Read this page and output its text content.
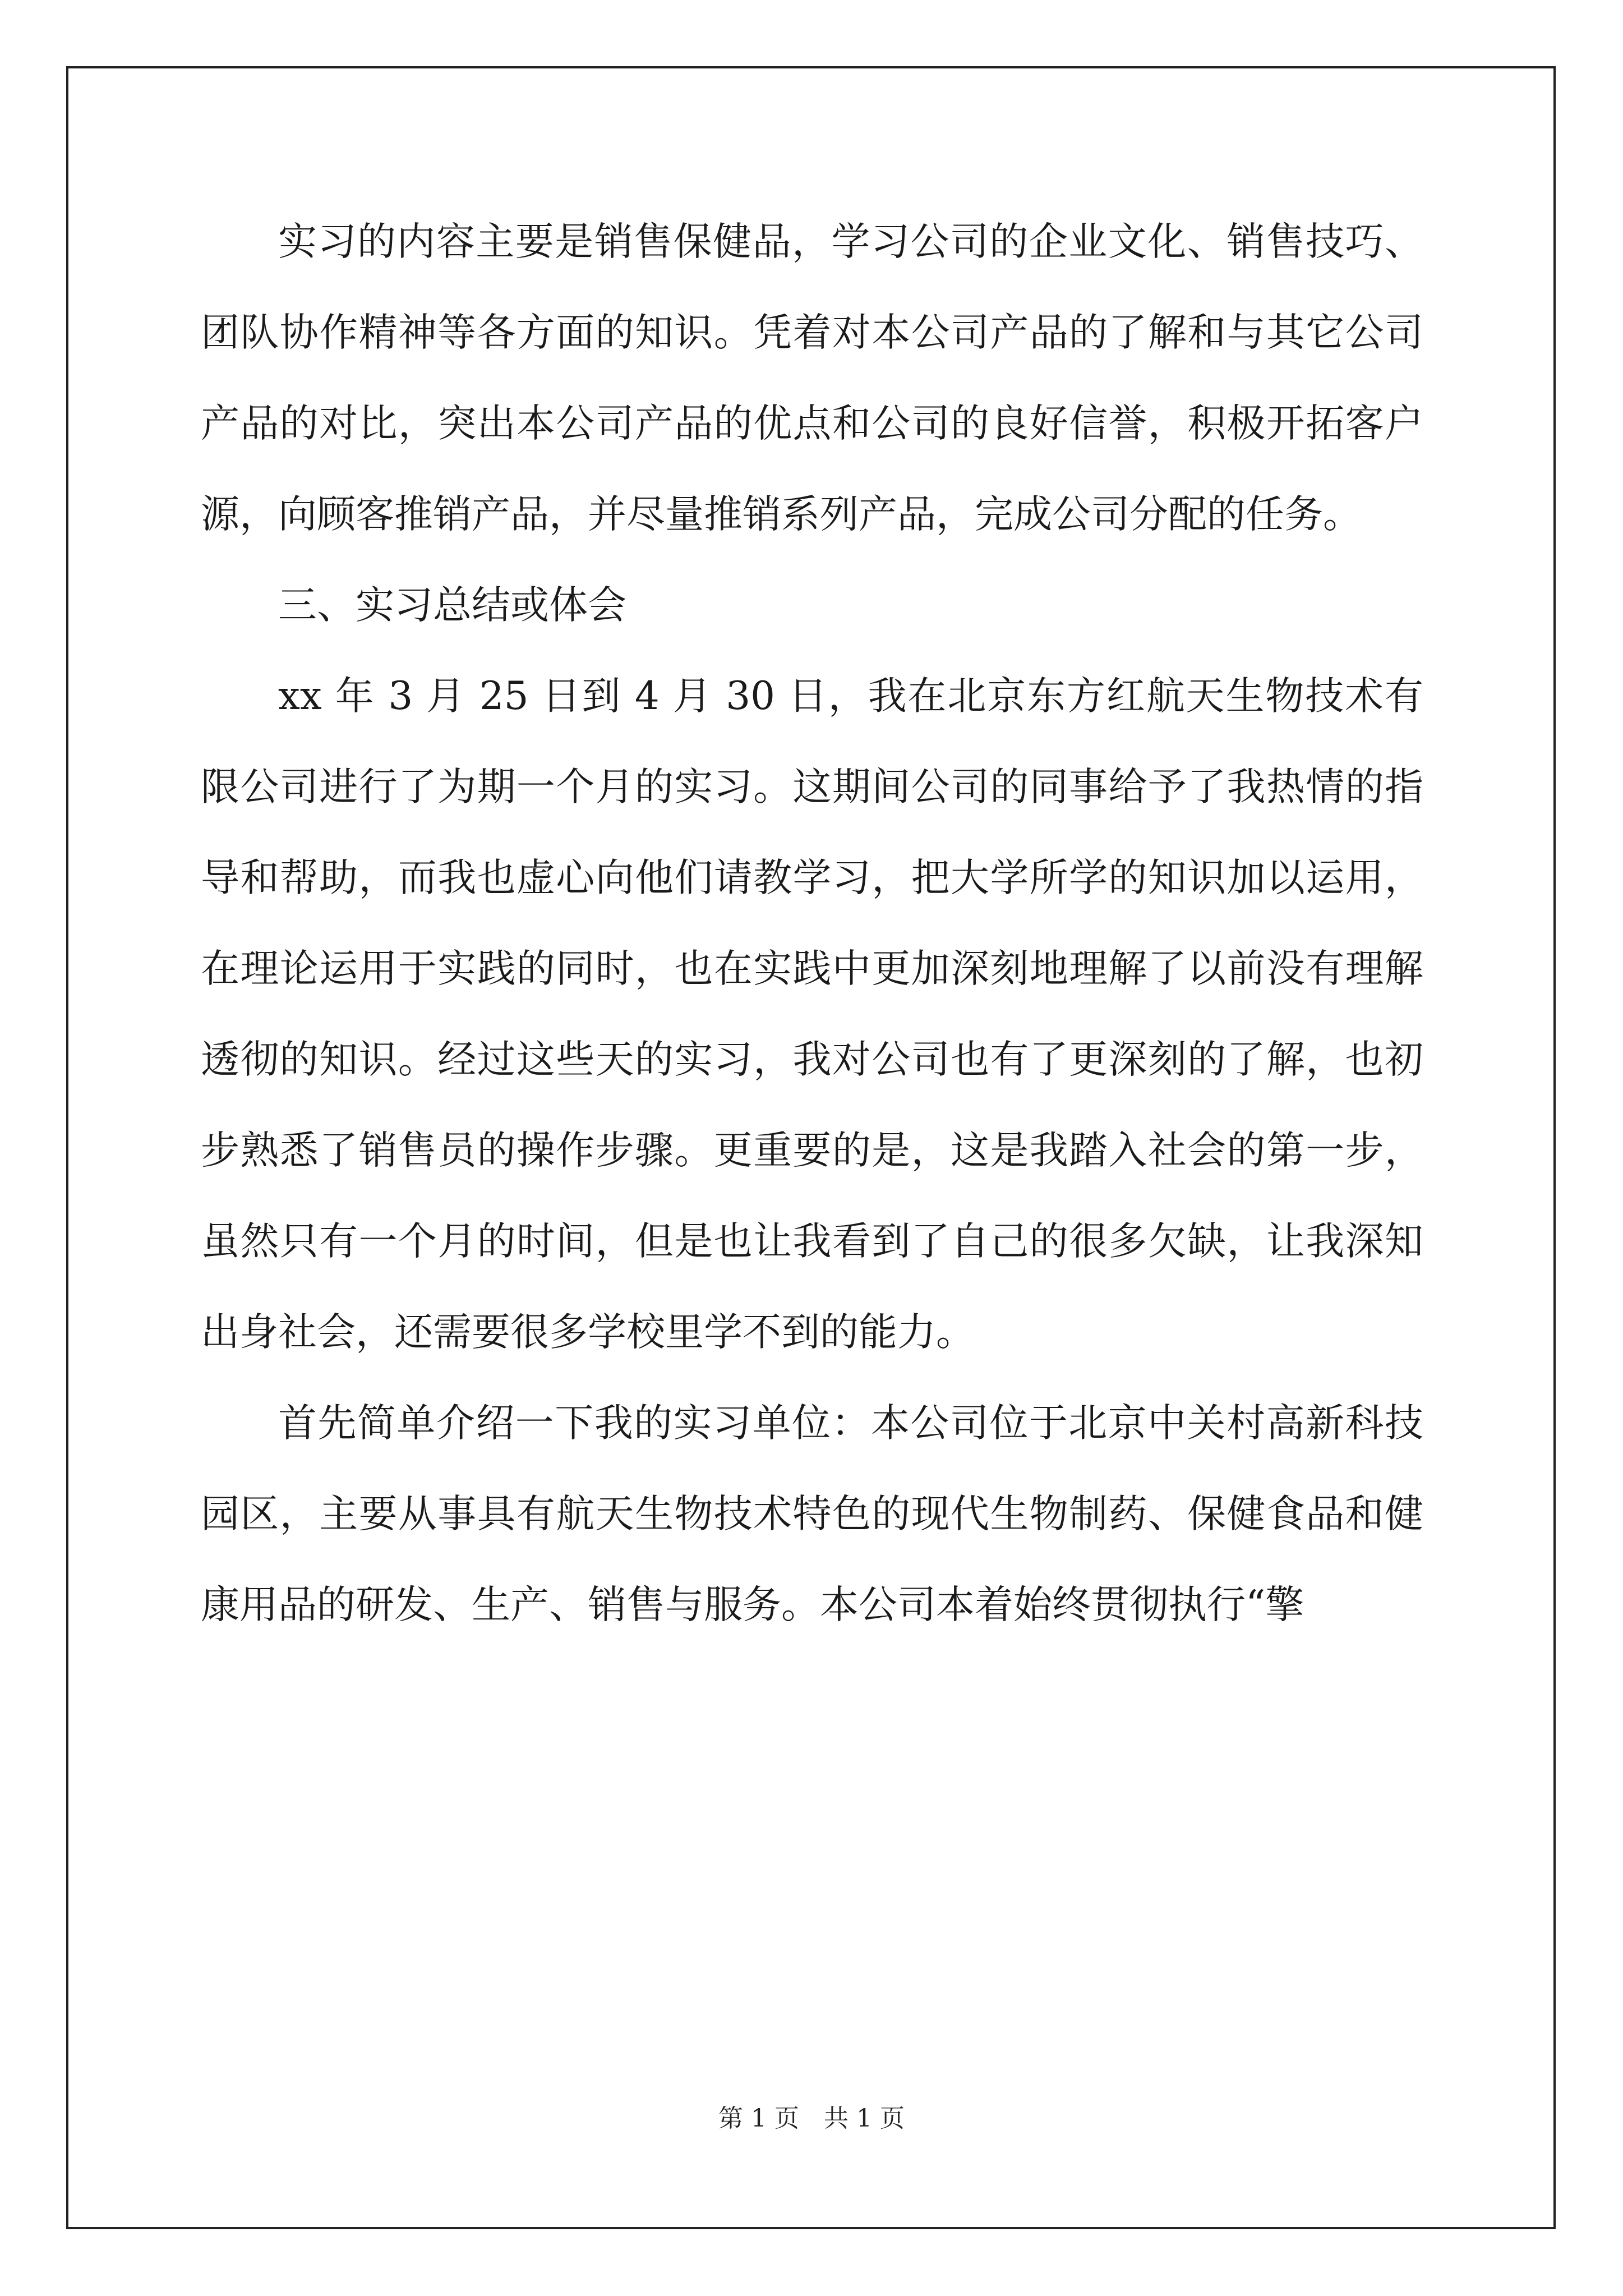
实习的内容主要是销售保健品，学习公司的企业文化、销售技巧、团队协作精神等各方面的知识。凭着对本公司产品的了解和与其它公司产品的对比，突出本公司产品的优点和公司的良好信誉，积极开拓客户源，向顾客推销产品，并尽量推销系列产品，完成公司分配的任务。

三、实习总结或体会

xx 年 3 月 25 日到 4 月 30 日，我在北京东方红航天生物技术有限公司进行了为期一个月的实习。这期间公司的同事给予了我热情的指导和帮助，而我也虚心向他们请教学习，把大学所学的知识加以运用，在理论运用于实践的同时，也在实践中更加深刻地理解了以前没有理解透彻的知识。经过这些天的实习，我对公司也有了更深刻的了解，也初步熟悉了销售员的操作步骤。更重要的是，这是我踏入社会的第一步，虽然只有一个月的时间，但是也让我看到了自己的很多欠缺，让我深知出身社会，还需要很多学校里学不到的能力。

首先简单介绍一下我的实习单位：本公司位于北京中关村高新科技园区，主要从事具有航天生物技术特色的现代生物制药、保健食品和健康用品的研发、生产、销售与服务。本公司本着始终贯彻执行“擎

第 1 页　共 1 页
